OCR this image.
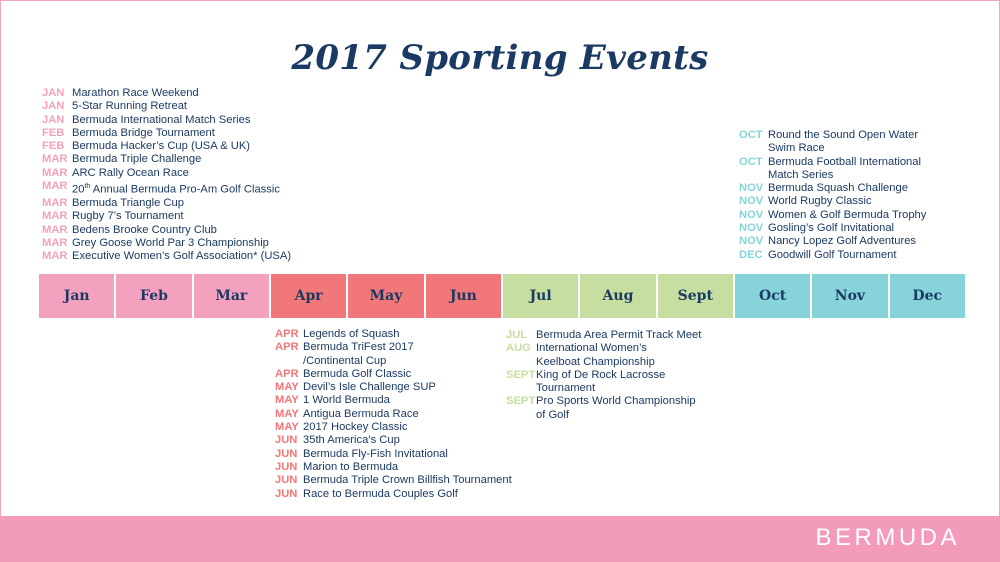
2017 Sporting Events
JAN Marathon Race Weekend
JAN 5-Star Running Retreat
JAN Bermuda International Match Series
FEB Bermuda Bridge Tournament
FEB Bermuda Hacker’s Cup (USA & UK)
MAR Bermuda Triple Challenge
MAR ARC Rally Ocean Race
MAR 20th Annual Bermuda Pro-Am Golf Classic
MAR Bermuda Triangle Cup
MAR Rugby 7’s Tournament
MAR Bedens Brooke Country Club
MAR Grey Goose World Par 3 Championship
MAR Executive Women’s Golf Association* (USA)
OCT Round the Sound Open Water
Swim Race
OCT Bermuda Football International
Match Series
NOV Bermuda Squash Challenge
NOV World Rugby Classic
NOV Women & Golf Bermuda Trophy
NOV Gosling’s Golf Invitational
NOV Nancy Lopez Golf Adventures
DEC Goodwill Golf Tournament
Jan	Feb	Mar	Apr	May	Jun	Jul	Aug	Sept	Oct	Nov	Dec
APR Legends of Squash
APR Bermuda TriFest 2017
/Continental Cup
APR Bermuda Golf Classic
MAY Devil’s Isle Challenge SUP
MAY 1 World Bermuda
MAY Antigua Bermuda Race
MAY 2017 Hockey Classic
JUN 35th America’s Cup
JUN Bermuda Fly-Fish Invitational
JUN Marion to Bermuda
JUN Bermuda Triple Crown Billfish Tournament
JUN Race to Bermuda Couples Golf
JUL Bermuda Area Permit Track Meet
AUG International Women’s
Keelboat Championship
SEPT King of De Rock Lacrosse
Tournament
SEPT Pro Sports World Championship
of Golf
BERMUDA
